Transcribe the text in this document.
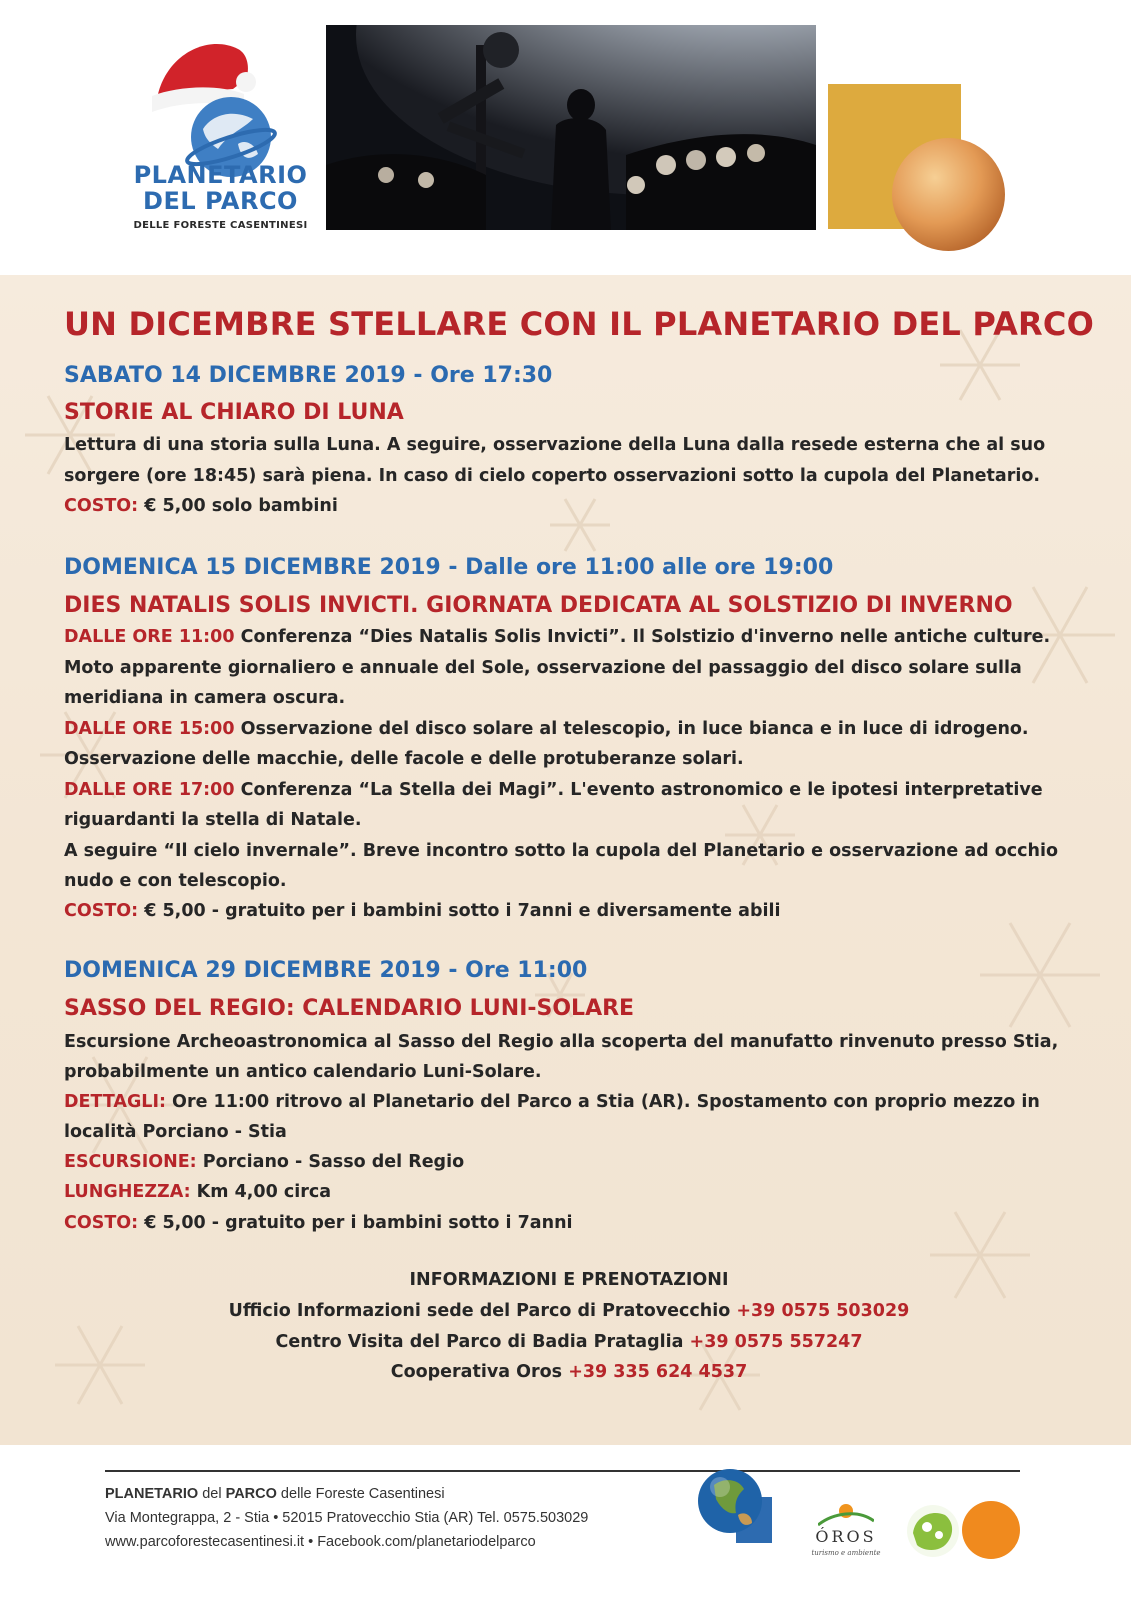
PLANETARIO
DEL PARCO
DELLE FORESTE CASENTINESI
UN DICEMBRE STELLARE CON IL PLANETARIO DEL PARCO
SABATO 14 DICEMBRE 2019 - Ore 17:30
STORIE AL CHIARO DI LUNA
Lettura di una storia sulla Luna. A seguire, osservazione della Luna dalla resede esterna che al suo
sorgere (ore 18:45) sarà piena. In caso di cielo coperto osservazioni sotto la cupola del Planetario.
COSTO: € 5,00 solo bambini
DOMENICA 15 DICEMBRE 2019 - Dalle ore 11:00 alle ore 19:00
DIES NATALIS SOLIS INVICTI. GIORNATA DEDICATA AL SOLSTIZIO DI INVERNO
DALLE ORE 11:00 Conferenza “Dies Natalis Solis Invicti”. Il Solstizio d'inverno nelle antiche culture.
Moto apparente giornaliero e annuale del Sole, osservazione del passaggio del disco solare sulla
meridiana in camera oscura.
DALLE ORE 15:00 Osservazione del disco solare al telescopio, in luce bianca e in luce di idrogeno.
Osservazione delle macchie, delle facole e delle protuberanze solari.
DALLE ORE 17:00 Conferenza “La Stella dei Magi”. L'evento astronomico e le ipotesi interpretative
riguardanti la stella di Natale.
A seguire “Il cielo invernale”. Breve incontro sotto la cupola del Planetario e osservazione ad occhio
nudo e con telescopio.
COSTO: € 5,00 - gratuito per i bambini sotto i 7anni e diversamente abili
DOMENICA 29 DICEMBRE 2019 - Ore 11:00
SASSO DEL REGIO: CALENDARIO LUNI-SOLARE
Escursione Archeoastronomica al Sasso del Regio alla scoperta del manufatto rinvenuto presso Stia,
probabilmente un antico calendario Luni-Solare.
DETTAGLI: Ore 11:00 ritrovo al Planetario del Parco a Stia (AR). Spostamento con proprio mezzo in
località Porciano - Stia
ESCURSIONE: Porciano - Sasso del Regio
LUNGHEZZA: Km 4,00 circa
COSTO: € 5,00 - gratuito per i bambini sotto i 7anni
INFORMAZIONI E PRENOTAZIONI
Ufficio Informazioni sede del Parco di Pratovecchio +39 0575 503029
Centro Visita del Parco di Badia Prataglia +39 0575 557247
Cooperativa Oros +39 335 624 4537
PLANETARIO del PARCO delle Foreste Casentinesi
Via Montegrappa, 2 - Stia • 52015 Pratovecchio Stia (AR) Tel. 0575.503029
www.parcoforestecasentinesi.it • Facebook.com/planetariodelparco	ÓROS
turismo e ambiente
